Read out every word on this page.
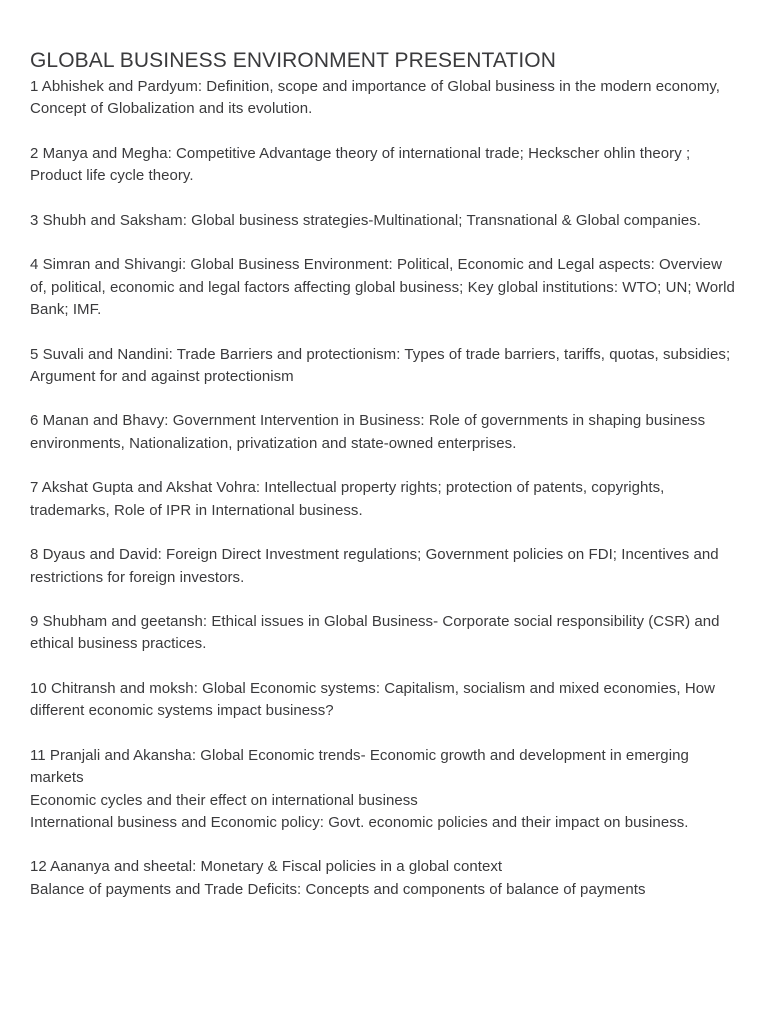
GLOBAL BUSINESS ENVIRONMENT PRESENTATION

1 Abhishek and Pardyum: Definition, scope and importance of Global business in the modern economy, Concept of Globalization and its evolution.

2 Manya and Megha: Competitive Advantage theory of international trade; Heckscher ohlin theory ; Product life cycle theory.

3 Shubh and Saksham: Global business strategies-Multinational; Transnational & Global companies.

4 Simran and Shivangi: Global Business Environment: Political, Economic and Legal aspects: Overview of, political, economic and legal factors affecting global business; Key global institutions: WTO; UN; World Bank; IMF.

5 Suvali and Nandini: Trade Barriers and protectionism: Types of trade barriers, tariffs, quotas, subsidies;
Argument for and against protectionism

6 Manan and Bhavy: Government Intervention in Business: Role of governments in shaping business environments, Nationalization, privatization and state-owned enterprises.

7 Akshat Gupta and Akshat Vohra: Intellectual property rights; protection of patents, copyrights, trademarks, Role of IPR in International business.

8 Dyaus and David: Foreign Direct Investment regulations; Government policies on FDI; Incentives and restrictions for foreign investors.

9 Shubham and geetansh: Ethical issues in Global Business- Corporate social responsibility (CSR) and ethical business practices.

10 Chitransh and moksh: Global Economic systems: Capitalism, socialism and mixed economies, How different economic systems impact business?

11 Pranjali and Akansha: Global Economic trends- Economic growth and development in emerging markets
Economic cycles and their effect on international business
International business and Economic policy: Govt. economic policies and their impact on business.

12 Aananya and sheetal: Monetary & Fiscal policies in a global context
Balance of payments and Trade Deficits: Concepts and components of balance of payments
